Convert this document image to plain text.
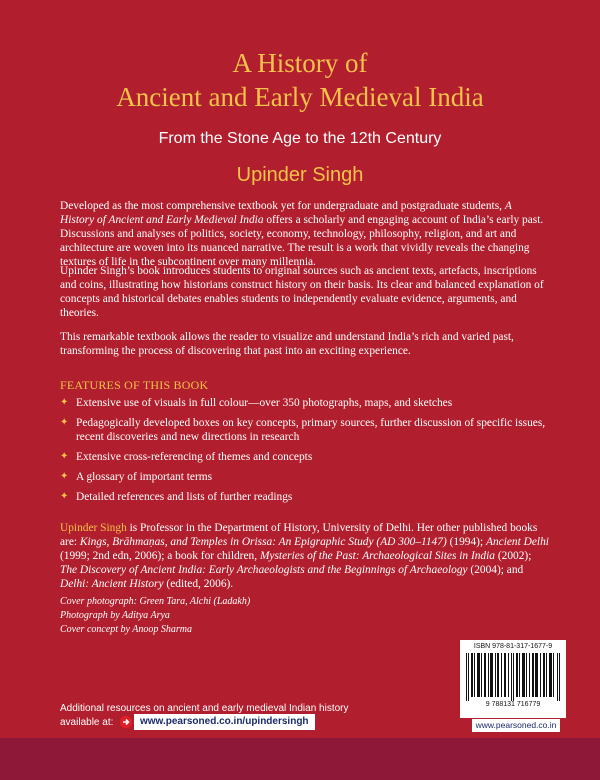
A History of
Ancient and Early Medieval India
From the Stone Age to the 12th Century
Upinder Singh

Developed as the most comprehensive textbook yet for undergraduate and postgraduate students, A History of Ancient and Early Medieval India offers a scholarly and engaging account of India’s early past. Discussions and analyses of politics, society, economy, technology, philosophy, religion, and art and architecture are woven into its nuanced narrative. The result is a work that vividly reveals the changing textures of life in the subcontinent over many millennia.

Upinder Singh’s book introduces students to original sources such as ancient texts, artefacts, inscriptions and coins, illustrating how historians construct history on their basis. Its clear and balanced explanation of concepts and historical debates enables students to independently evaluate evidence, arguments, and theories.

This remarkable textbook allows the reader to visualize and understand India’s rich and varied past, transforming the process of discovering that past into an exciting experience.

FEATURES OF THIS BOOK
✦ Extensive use of visuals in full colour—over 350 photographs, maps, and sketches
✦ Pedagogically developed boxes on key concepts, primary sources, further discussion of specific issues, recent discoveries and new directions in research
✦ Extensive cross-referencing of themes and concepts
✦ A glossary of important terms
✦ Detailed references and lists of further readings

Upinder Singh is Professor in the Department of History, University of Delhi. Her other published books are: Kings, Brāhmaṇas, and Temples in Orissa: An Epigraphic Study (AD 300–1147) (1994); Ancient Delhi (1999; 2nd edn, 2006); a book for children, Mysteries of the Past: Archaeological Sites in India (2002); The Discovery of Ancient India: Early Archaeologists and the Beginnings of Archaeology (2004); and Delhi: Ancient History (edited, 2006).

Cover photograph: Green Tara, Alchi (Ladakh)
Photograph by Aditya Arya
Cover concept by Anoop Sharma
ISBN 978-81-317-1677-9
9 788131 716779
Additional resources on ancient and early medieval Indian history
available at:	www.pearsoned.co.in/upindersingh	www.pearsoned.co.in
